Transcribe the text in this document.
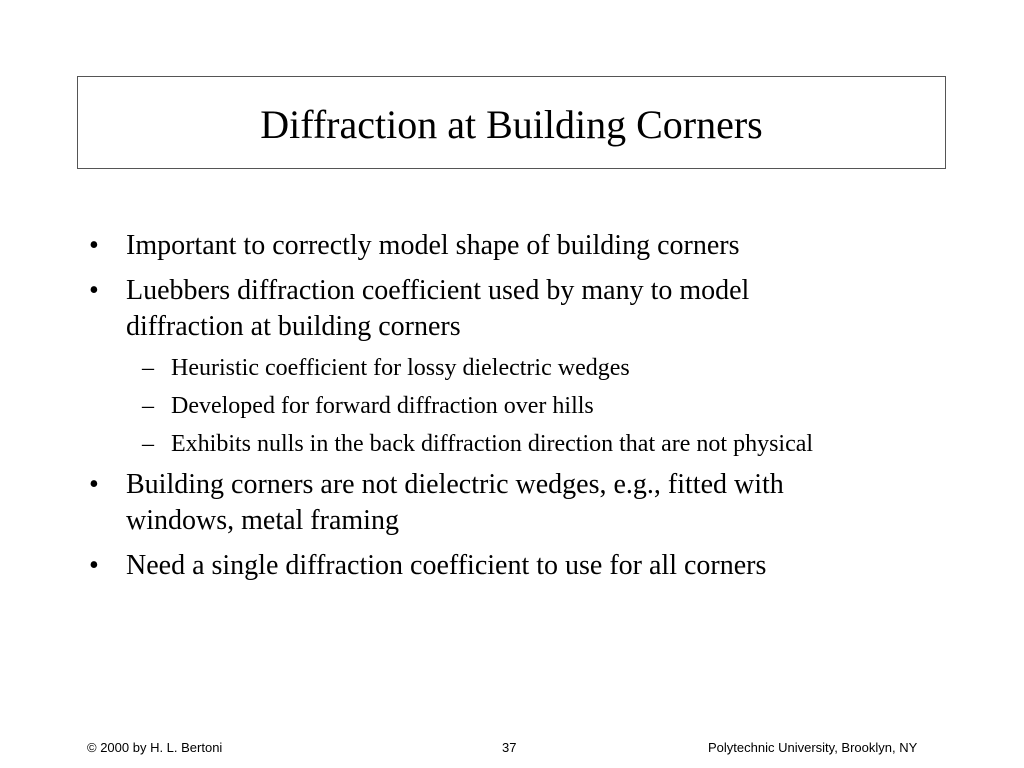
Diffraction at Building Corners
• Important to correctly model shape of building corners
• Luebbers diffraction coefficient used by many to model
diffraction at building corners
– Heuristic coefficient for lossy dielectric wedges
– Developed for forward diffraction over hills
– Exhibits nulls in the back diffraction direction that are not physical
• Building corners are not dielectric wedges, e.g., fitted with
windows, metal framing
• Need a single diffraction coefficient to use for all corners
© 2000 by H. L. Bertoni	37	Polytechnic University, Brooklyn, NY
